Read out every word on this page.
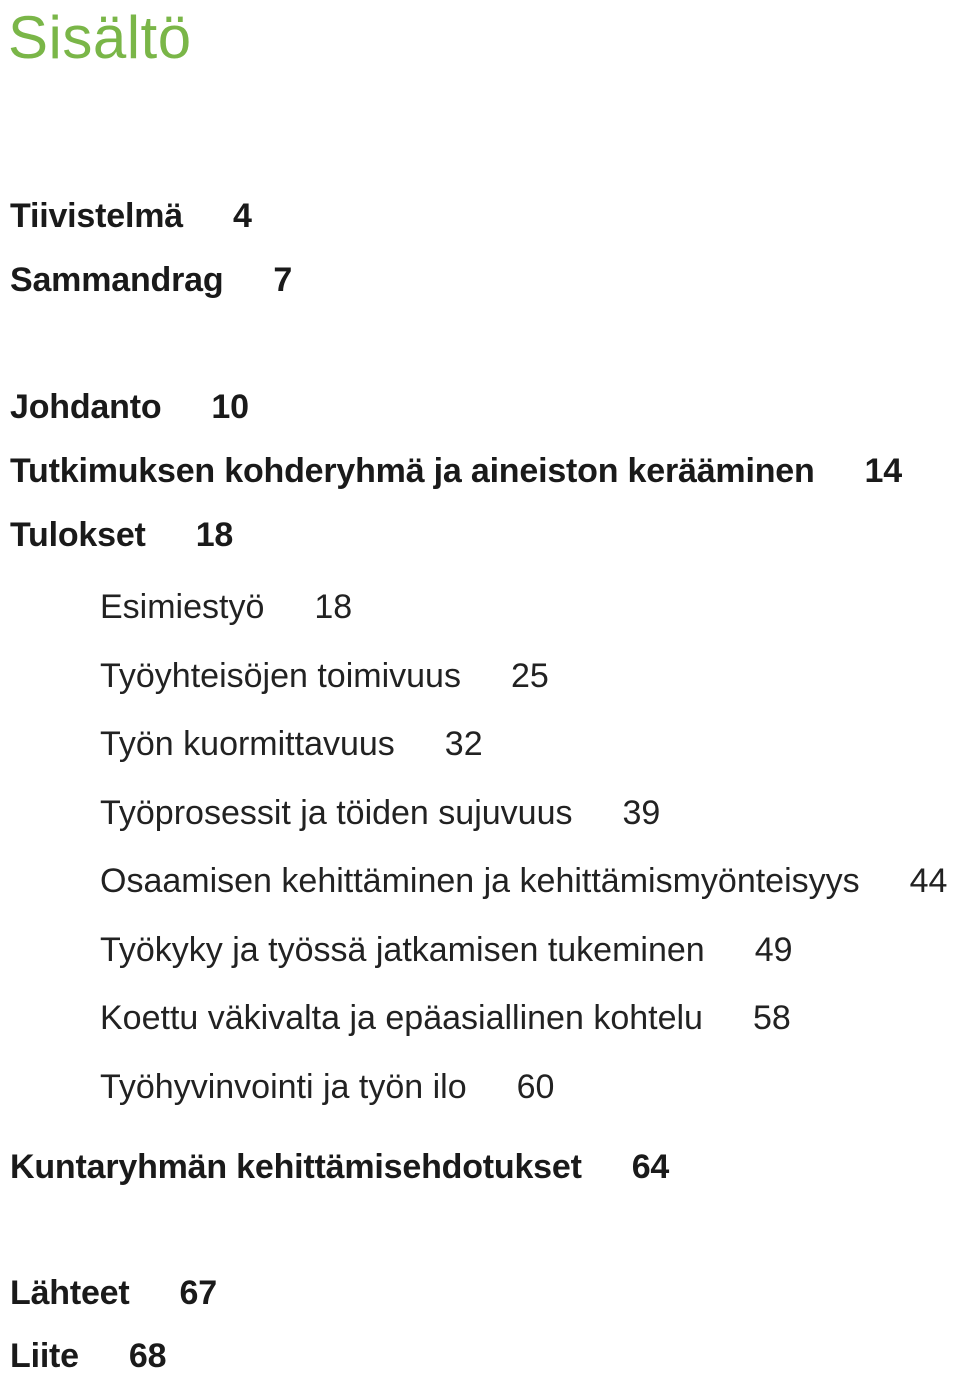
Sisältö
Tiivistelmä 4
Sammandrag 7
Johdanto 10
Tutkimuksen kohderyhmä ja aineiston kerääminen 14
Tulokset 18
Esimiestyö 18
Työyhteisöjen toimivuus 25
Työn kuormittavuus 32
Työprosessit ja töiden sujuvuus 39
Osaamisen kehittäminen ja kehittämismyönteisyys 44
Työkyky ja työssä jatkamisen tukeminen 49
Koettu väkivalta ja epäasiallinen kohtelu 58
Työhyvinvointi ja työn ilo 60
Kuntaryhmän kehittämisehdotukset 64
Lähteet 67
Liite 68
